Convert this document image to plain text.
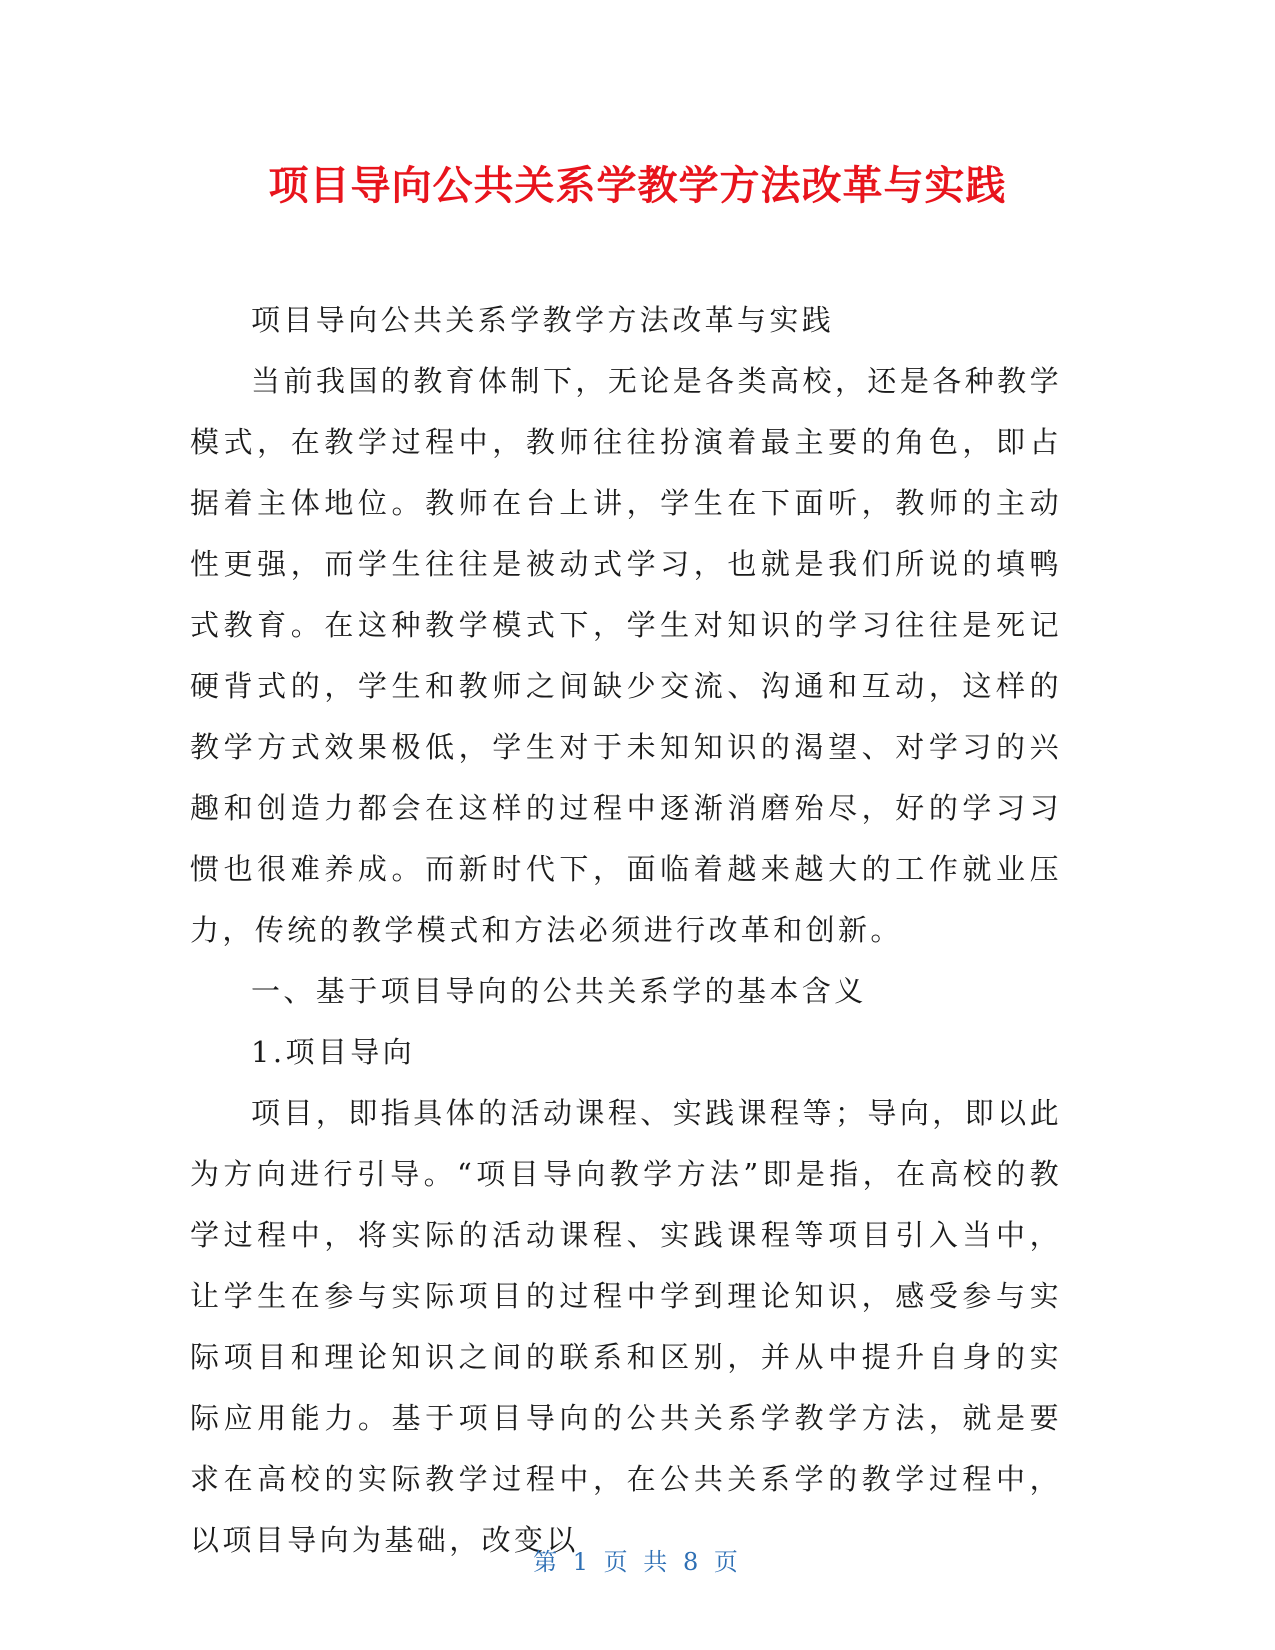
项目导向公共关系学教学方法改革与实践

项目导向公共关系学教学方法改革与实践

当前我国的教育体制下，无论是各类高校，还是各种教学模式，在教学过程中，教师往往扮演着最主要的角色，即占据着主体地位。教师在台上讲，学生在下面听，教师的主动性更强，而学生往往是被动式学习，也就是我们所说的填鸭式教育。在这种教学模式下，学生对知识的学习往往是死记硬背式的，学生和教师之间缺少交流、沟通和互动，这样的教学方式效果极低，学生对于未知知识的渴望、对学习的兴趣和创造力都会在这样的过程中逐渐消磨殆尽，好的学习习惯也很难养成。而新时代下，面临着越来越大的工作就业压力，传统的教学模式和方法必须进行改革和创新。

一、基于项目导向的公共关系学的基本含义

1.项目导向

项目，即指具体的活动课程、实践课程等；导向，即以此为方向进行引导。“项目导向教学方法”即是指，在高校的教学过程中，将实际的活动课程、实践课程等项目引入当中，让学生在参与实际项目的过程中学到理论知识，感受参与实际项目和理论知识之间的联系和区别，并从中提升自身的实际应用能力。基于项目导向的公共关系学教学方法，就是要求在高校的实际教学过程中，在公共关系学的教学过程中，以项目导向为基础，改变以

第 1 页 共 8 页
